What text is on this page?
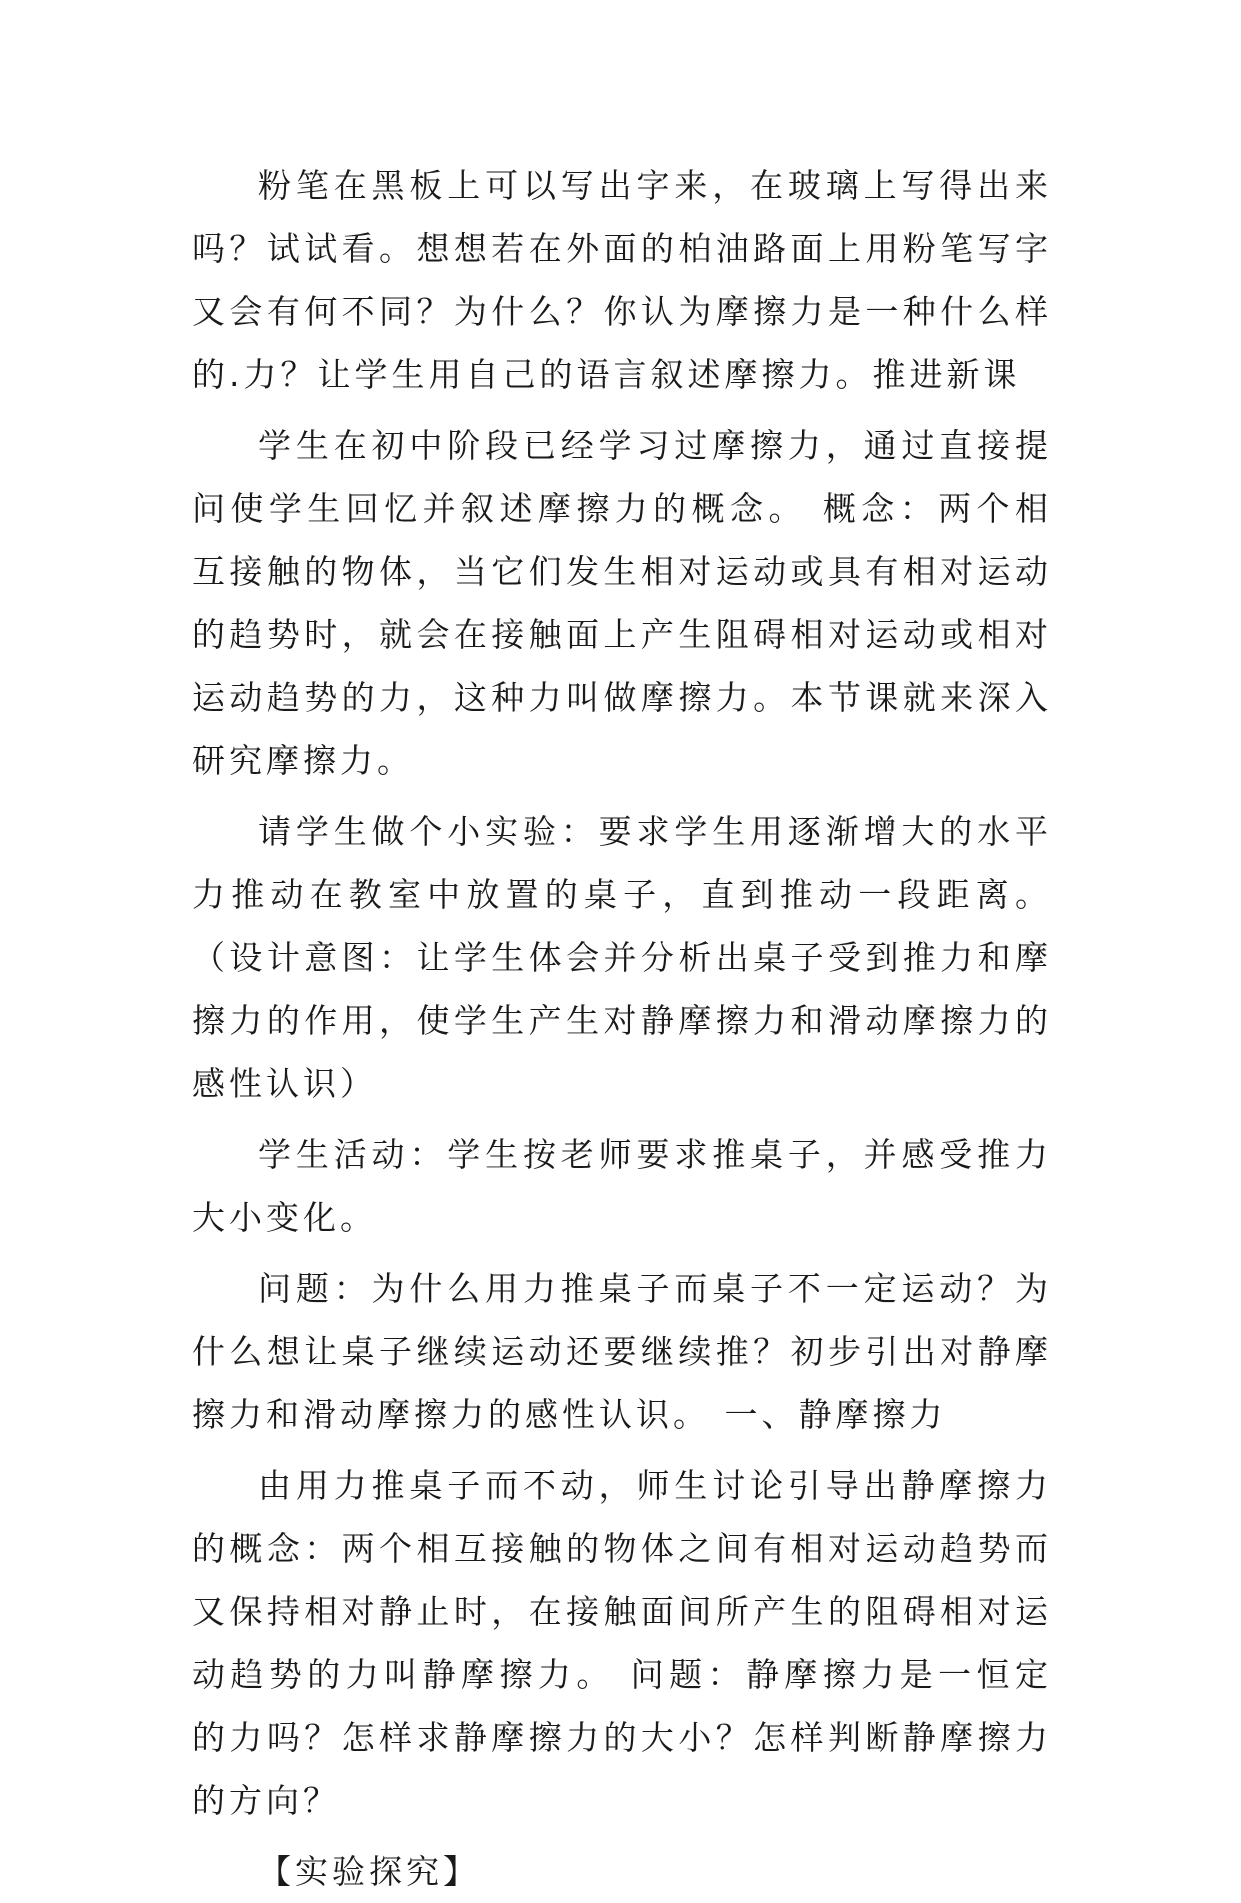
粉笔在黑板上可以写出字来，在玻璃上写得出来吗？试试看。想想若在外面的柏油路面上用粉笔写字又会有何不同？为什么？你认为摩擦力是一种什么样的.力？让学生用自己的语言叙述摩擦力。推进新课

学生在初中阶段已经学习过摩擦力，通过直接提问使学生回忆并叙述摩擦力的概念。 概念：两个相互接触的物体，当它们发生相对运动或具有相对运动的趋势时，就会在接触面上产生阻碍相对运动或相对运动趋势的力，这种力叫做摩擦力。本节课就来深入研究摩擦力。

请学生做个小实验：要求学生用逐渐增大的水平力推动在教室中放置的桌子，直到推动一段距离。（设计意图：让学生体会并分析出桌子受到推力和摩擦力的作用，使学生产生对静摩擦力和滑动摩擦力的感性认识）

学生活动：学生按老师要求推桌子，并感受推力大小变化。

问题：为什么用力推桌子而桌子不一定运动？为什么想让桌子继续运动还要继续推？初步引出对静摩擦力和滑动摩擦力的感性认识。 一、静摩擦力

由用力推桌子而不动，师生讨论引导出静摩擦力的概念：两个相互接触的物体之间有相对运动趋势而又保持相对静止时，在接触面间所产生的阻碍相对运动趋势的力叫静摩擦力。 问题：静摩擦力是一恒定的力吗？怎样求静摩擦力的大小？怎样判断静摩擦力的方向？

【实验探究】
